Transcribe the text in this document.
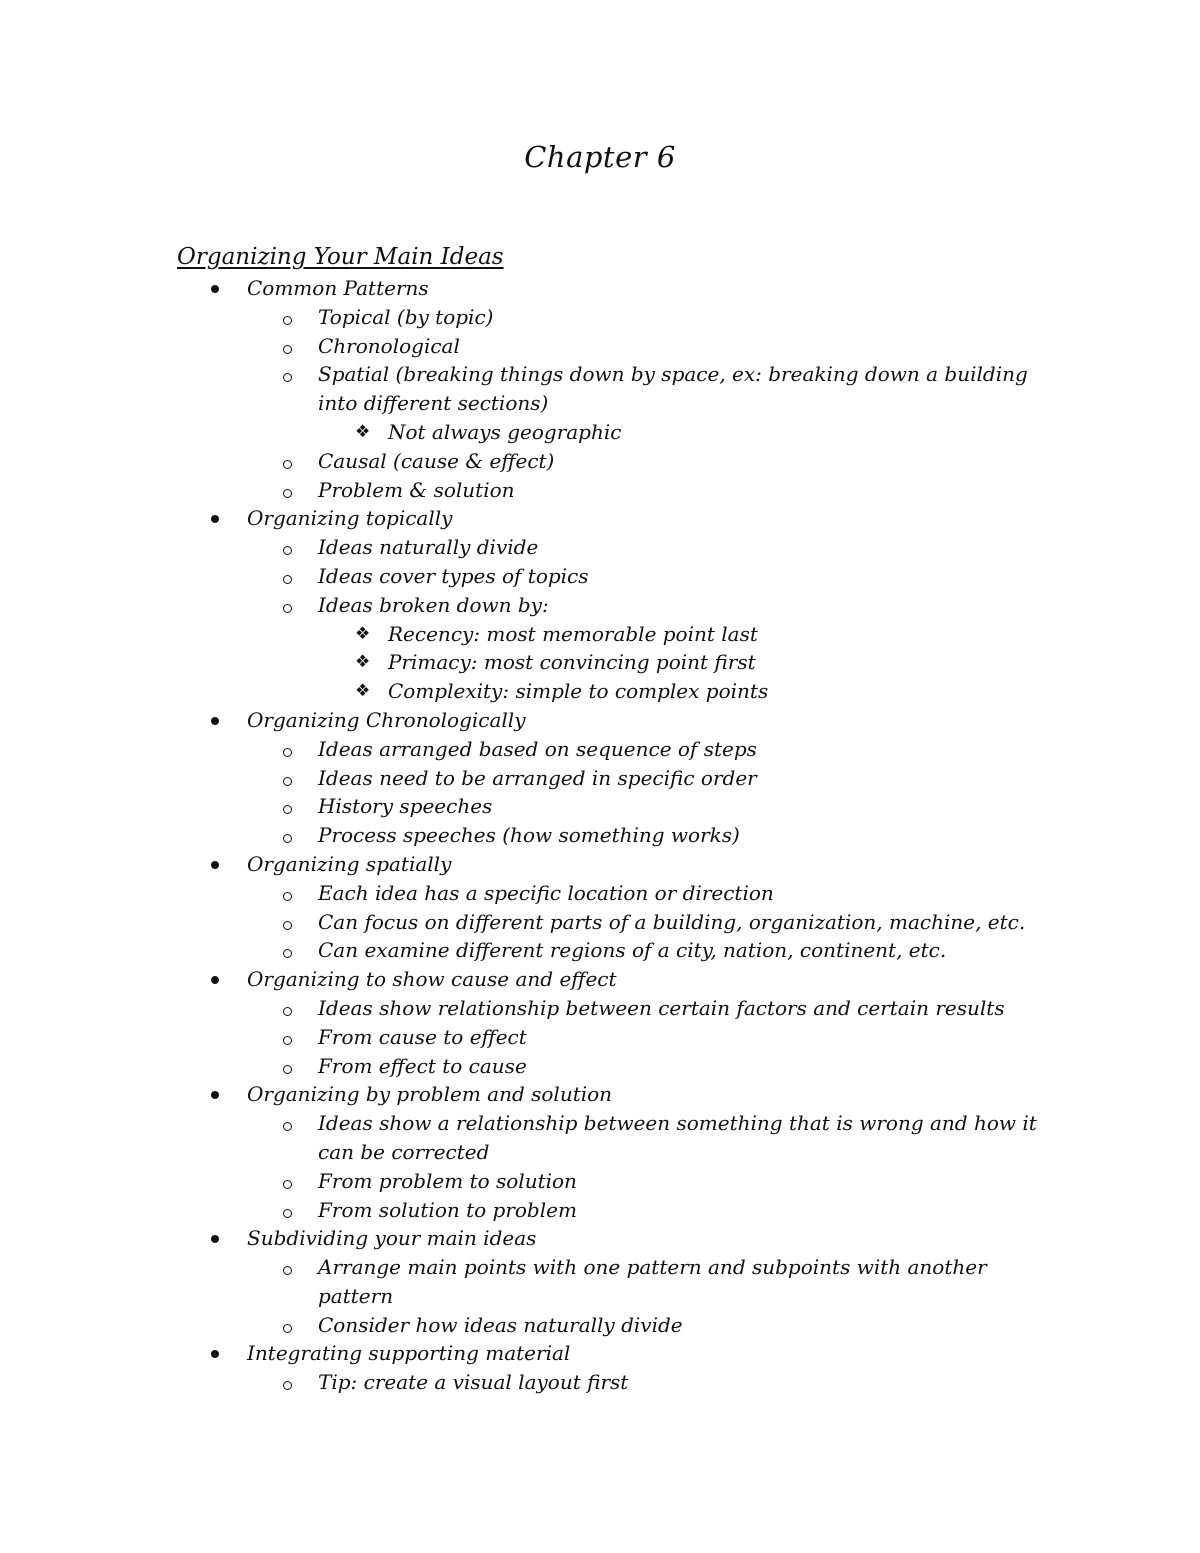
Chapter 6
Organizing Your Main Ideas
Common Patterns
Topical (by topic)
Chronological
Spatial (breaking things down by space, ex: breaking down a building
into different sections)
❖ Not always geographic
Causal (cause & effect)
Problem & solution
Organizing topically
Ideas naturally divide
Ideas cover types of topics
Ideas broken down by:
❖ Recency: most memorable point last
❖ Primacy: most convincing point first
❖ Complexity: simple to complex points
Organizing Chronologically
Ideas arranged based on sequence of steps
Ideas need to be arranged in specific order
History speeches
Process speeches (how something works)
Organizing spatially
Each idea has a specific location or direction
Can focus on different parts of a building, organization, machine, etc.
Can examine different regions of a city, nation, continent, etc.
Organizing to show cause and effect
Ideas show relationship between certain factors and certain results
From cause to effect
From effect to cause
Organizing by problem and solution
Ideas show a relationship between something that is wrong and how it
can be corrected
From problem to solution
From solution to problem
Subdividing your main ideas
Arrange main points with one pattern and subpoints with another
pattern
Consider how ideas naturally divide
Integrating supporting material
Tip: create a visual layout first
